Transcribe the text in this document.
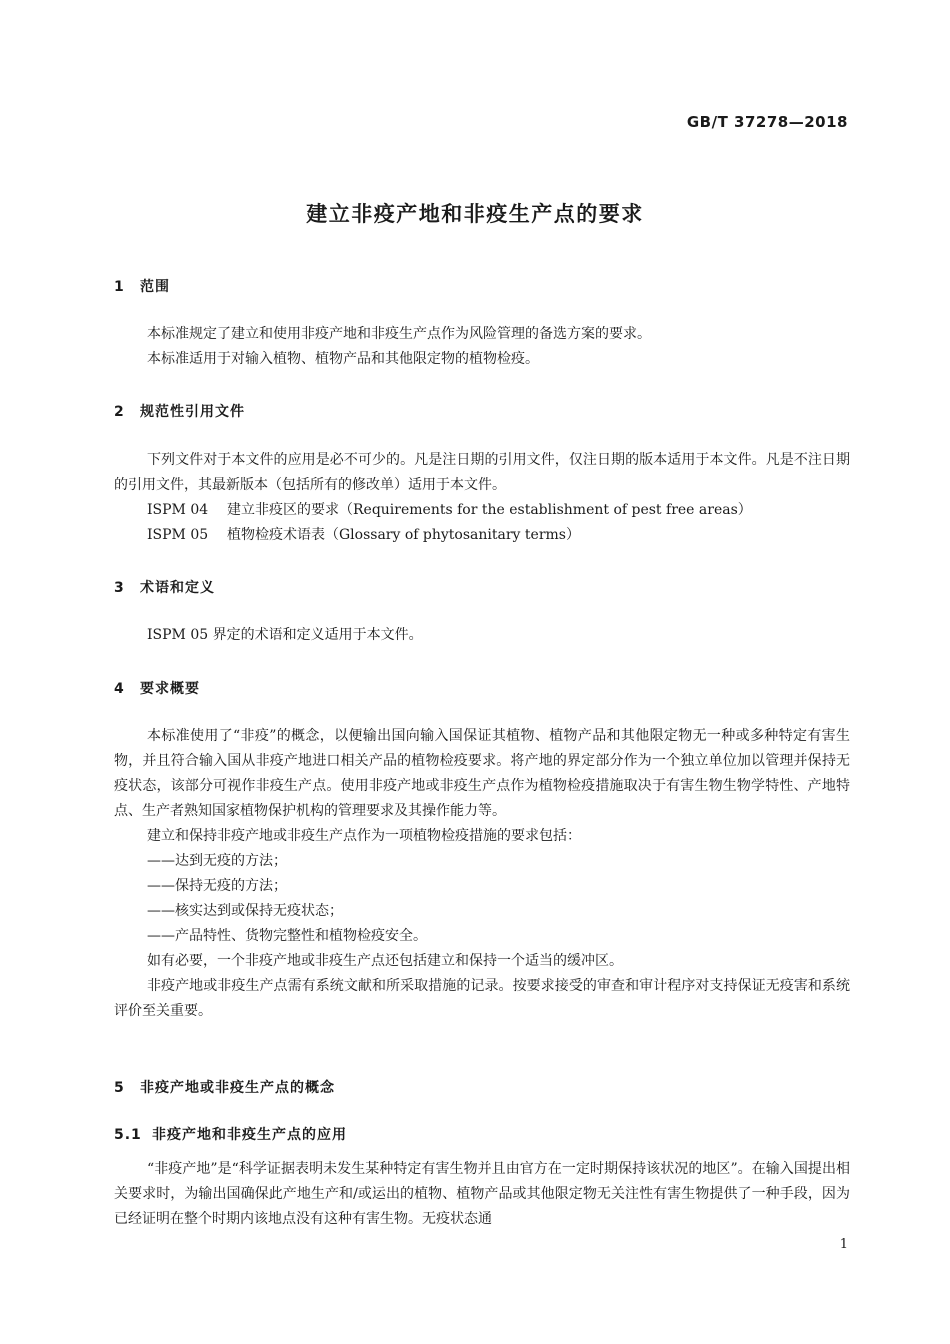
GB/T 37278—2018
建立非疫产地和非疫生产点的要求
1 范围

本标准规定了建立和使用非疫产地和非疫生产点作为风险管理的备选方案的要求。

本标准适用于对输入植物、植物产品和其他限定物的植物检疫。

2 规范性引用文件

下列文件对于本文件的应用是必不可少的。凡是注日期的引用文件，仅注日期的版本适用于本文件。凡是不注日期的引用文件，其最新版本（包括所有的修改单）适用于本文件。

ISPM 04 建立非疫区的要求（Requirements for the establishment of pest free areas）

ISPM 05 植物检疫术语表（Glossary of phytosanitary terms）

3 术语和定义

ISPM 05 界定的术语和定义适用于本文件。

4 要求概要

本标准使用了“非疫”的概念，以便输出国向输入国保证其植物、植物产品和其他限定物无一种或多种特定有害生物，并且符合输入国从非疫产地进口相关产品的植物检疫要求。将产地的界定部分作为一个独立单位加以管理并保持无疫状态，该部分可视作非疫生产点。使用非疫产地或非疫生产点作为植物检疫措施取决于有害生物生物学特性、产地特点、生产者熟知国家植物保护机构的管理要求及其操作能力等。

建立和保持非疫产地或非疫生产点作为一项植物检疫措施的要求包括：

——达到无疫的方法；

——保持无疫的方法；

——核实达到或保持无疫状态；

——产品特性、货物完整性和植物检疫安全。

如有必要，一个非疫产地或非疫生产点还包括建立和保持一个适当的缓冲区。

非疫产地或非疫生产点需有系统文献和所采取措施的记录。按要求接受的审查和审计程序对支持保证无疫害和系统评价至关重要。

5 非疫产地或非疫生产点的概念
5.1 非疫产地和非疫生产点的应用

“非疫产地”是“科学证据表明未发生某种特定有害生物并且由官方在一定时期保持该状况的地区”。在输入国提出相关要求时，为输出国确保此产地生产和/或运出的植物、植物产品或其他限定物无关注性有害生物提供了一种手段，因为已经证明在整个时期内该地点没有这种有害生物。无疫状态通

1
